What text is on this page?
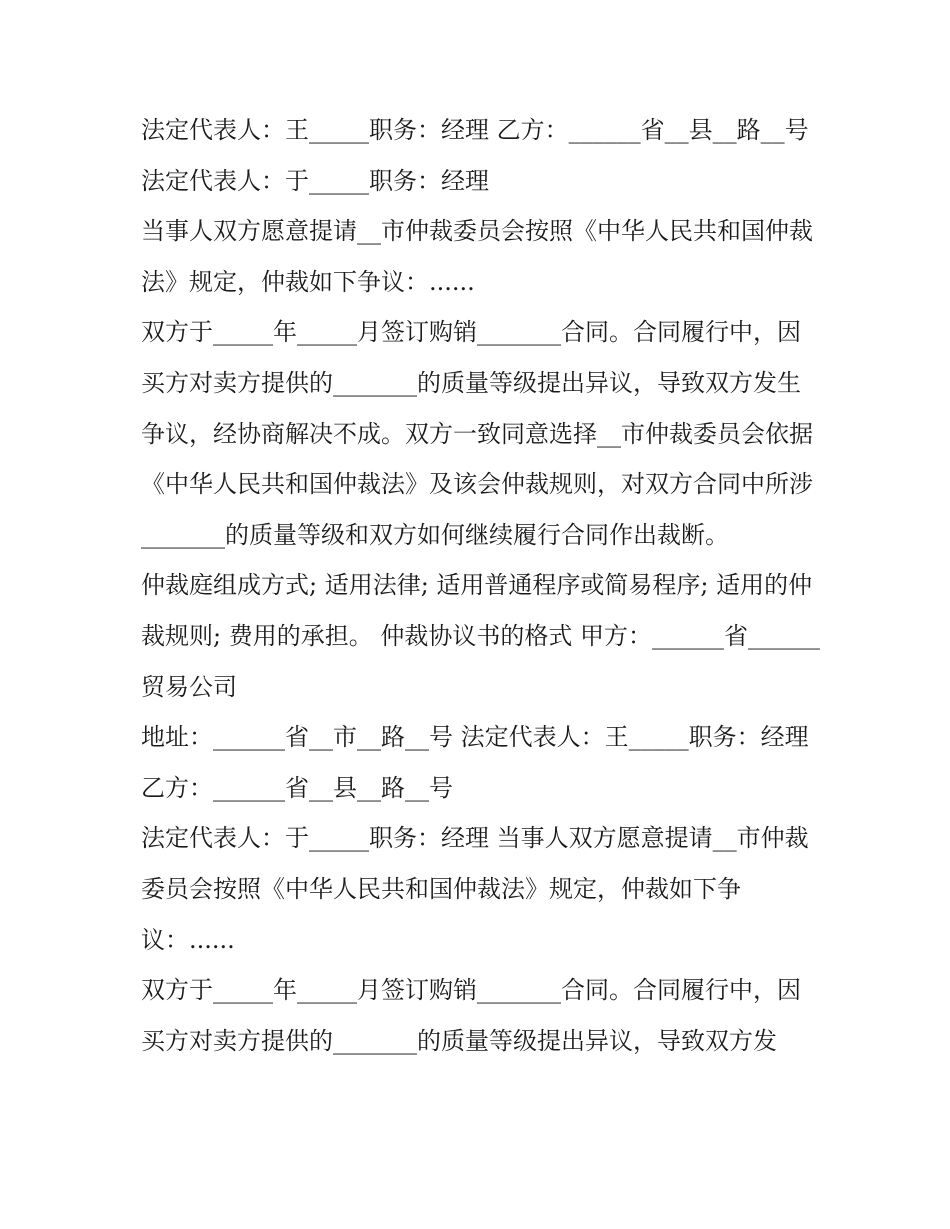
法定代表人：王_____职务：经理 乙方：______省__县__路__号 法定代表人：于_____职务：经理

当事人双方愿意提请__市仲裁委员会按照《中华人民共和国仲裁法》规定，仲裁如下争议：......

双方于_____年_____月签订购销_______合同。合同履行中，因买方对卖方提供的_______的质量等级提出异议，导致双方发生争议，经协商解决不成。双方一致同意选择__市仲裁委员会依据《中华人民共和国仲裁法》及该会仲裁规则，对双方合同中所涉_______的质量等级和双方如何继续履行合同作出裁断。

仲裁庭组成方式; 适用法律; 适用普通程序或简易程序; 适用的仲裁规则; 费用的承担。 仲裁协议书的格式 甲方：______省______贸易公司

地址：______省__市__路__号 法定代表人：王_____职务：经理 乙方：______省__县__路__号

法定代表人：于_____职务：经理 当事人双方愿意提请__市仲裁委员会按照《中华人民共和国仲裁法》规定，仲裁如下争议：......

双方于_____年_____月签订购销_______合同。合同履行中，因买方对卖方提供的_______的质量等级提出异议，导致双方发
